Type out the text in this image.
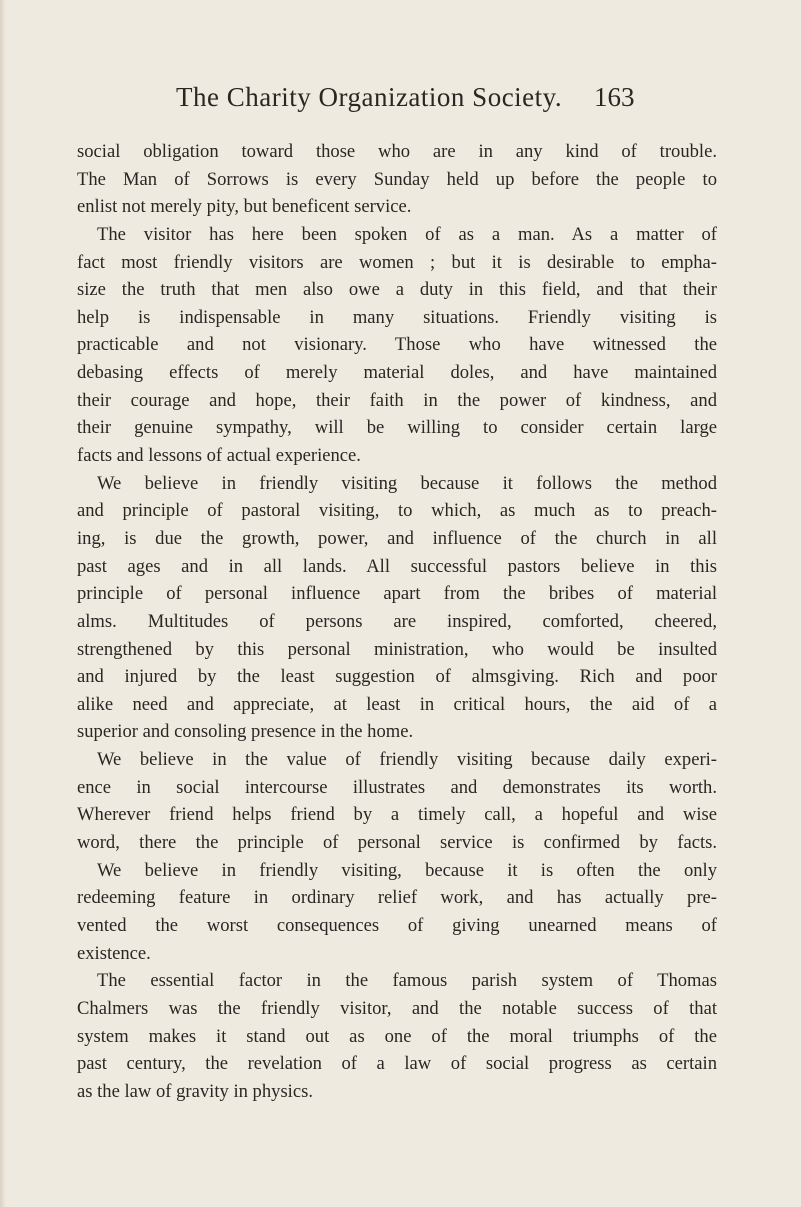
The Charity Organization Society. 163
social obligation toward those who are in any kind of trouble.
The Man of Sorrows is every Sunday held up before the people to
enlist not merely pity, but beneficent service.
The visitor has here been spoken of as a man. As a matter of
fact most friendly visitors are women ; but it is desirable to empha-
size the truth that men also owe a duty in this field, and that their
help is indispensable in many situations. Friendly visiting is
practicable and not visionary. Those who have witnessed the
debasing effects of merely material doles, and have maintained
their courage and hope, their faith in the power of kindness, and
their genuine sympathy, will be willing to consider certain large
facts and lessons of actual experience.
We believe in friendly visiting because it follows the method
and principle of pastoral visiting, to which, as much as to preach-
ing, is due the growth, power, and influence of the church in all
past ages and in all lands. All successful pastors believe in this
principle of personal influence apart from the bribes of material
alms. Multitudes of persons are inspired, comforted, cheered,
strengthened by this personal ministration, who would be insulted
and injured by the least suggestion of almsgiving. Rich and poor
alike need and appreciate, at least in critical hours, the aid of a
superior and consoling presence in the home.
We believe in the value of friendly visiting because daily experi-
ence in social intercourse illustrates and demonstrates its worth.
Wherever friend helps friend by a timely call, a hopeful and wise
word, there the principle of personal service is confirmed by facts.
We believe in friendly visiting, because it is often the only
redeeming feature in ordinary relief work, and has actually pre-
vented the worst consequences of giving unearned means of
existence.
The essential factor in the famous parish system of Thomas
Chalmers was the friendly visitor, and the notable success of that
system makes it stand out as one of the moral triumphs of the
past century, the revelation of a law of social progress as certain
as the law of gravity in physics.
